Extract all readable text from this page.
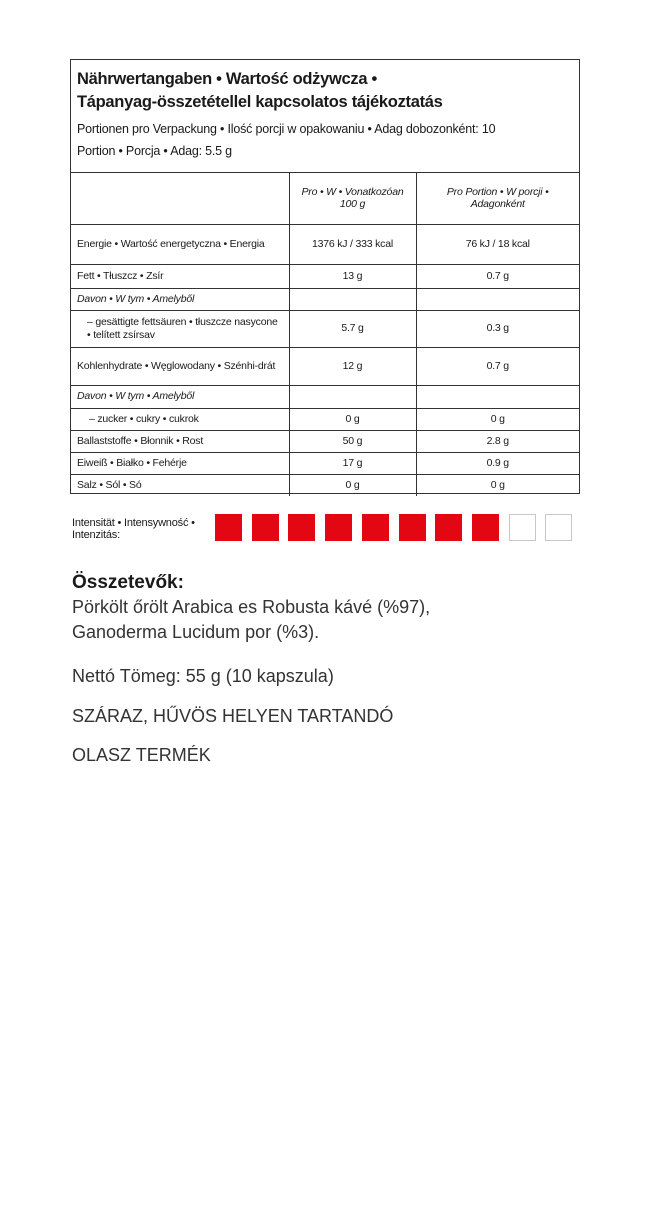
Nährwertangaben • Wartość odżywcza •
Tápanyag-összetétellel kapcsolatos tájékoztatás
Portionen pro Verpackung • Ilość porcji w opakowaniu • Adag dobozonként: 10
Portion • Porcja • Adag: 5.5 g
	Pro • W • Vonatkozóan 100 g	Pro Portion • W porcji • Adagonként
Energie • Wartość energetyczna • Energia	1376 kJ / 333 kcal	76 kJ / 18 kcal
Fett • Tłuszcz • Zsír	13 g	0.7 g
Davon • W tym • Amelyből		
– gesättigte fettsäuren • tłuszcze nasycone • telített zsírsav	5.7 g	0.3 g
Kohlenhydrate • Węglowodany • Szénhi-drát	12 g	0.7 g
Davon • W tym • Amelyből		
– zucker • cukry • cukrok	0 g	0 g
Ballaststoffe • Błonnik • Rost	50 g	2.8 g
Eiweiß • Białko • Fehérje	17 g	0.9 g
Salz • Sól • Só	0 g	0 g
Intensität • Intensywność •
Intenzitás:
Összetevők:
Pörkölt őrölt Arabica es Robusta kávé (%97),
Ganoderma Lucidum por (%3).
Nettó Tömeg: 55 g (10 kapszula)
SZÁRAZ, HŰVÖS HELYEN TARTANDÓ
OLASZ TERMÉK
